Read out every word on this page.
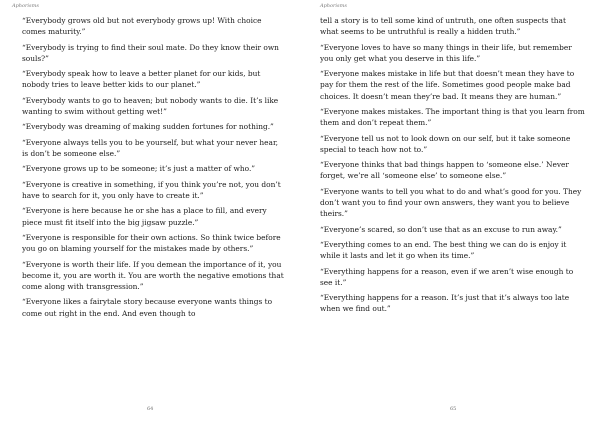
Aphorisms

“Everybody grows old but not everybody grows up! With choice comes maturity.”

“Everybody is trying to find their soul mate. Do they know their own souls?”

“Everybody speak how to leave a better planet for our kids, but nobody tries to leave better kids to our planet.”

“Everybody wants to go to heaven; but nobody wants to die. It’s like wanting to swim without getting wet!”

“Everybody was dreaming of making sudden fortunes for nothing.”

“Everyone always tells you to be yourself, but what your never hear, is don’t be someone else.”

“Everyone grows up to be someone; it’s just a matter of who.”

“Everyone is creative in something, if you think you’re not, you don’t have to search for it, you only have to create it.”

“Everyone is here because he or she has a place to fill, and every piece must fit itself into the big jigsaw puzzle.”

“Everyone is responsible for their own actions. So think twice before you go on blaming yourself for the mistakes made by others.”

“Everyone is worth their life. If you demean the importance of it, you become it, you are worth it. You are worth the negative emotions that come along with transgression.”

“Everyone likes a fairytale story because everyone wants things to come out right in the end. And even though to

64
Aphorisms

tell a story is to tell some kind of untruth, one often suspects that what seems to be untruthful is really a hidden truth.”

“Everyone loves to have so many things in their life, but remember you only get what you deserve in this life.”

“Everyone makes mistake in life but that doesn’t mean they have to pay for them the rest of the life. Sometimes good people make bad choices. It doesn’t mean they’re bad. It means they are human.”

“Everyone makes mistakes. The important thing is that you learn from them and don’t repeat them.”

“Everyone tell us not to look down on our self, but it take someone special to teach how not to.”

“Everyone thinks that bad things happen to ‘someone else.’ Never forget, we’re all ‘someone else’ to someone else.”

“Everyone wants to tell you what to do and what’s good for you. They don’t want you to find your own answers, they want you to believe theirs.”

“Everyone’s scared, so don’t use that as an excuse to run away.”

“Everything comes to an end. The best thing we can do is enjoy it while it lasts and let it go when its time.”

“Everything happens for a reason, even if we aren’t wise enough to see it.”

“Everything happens for a reason. It’s just that it’s always too late when we find out.”

65
